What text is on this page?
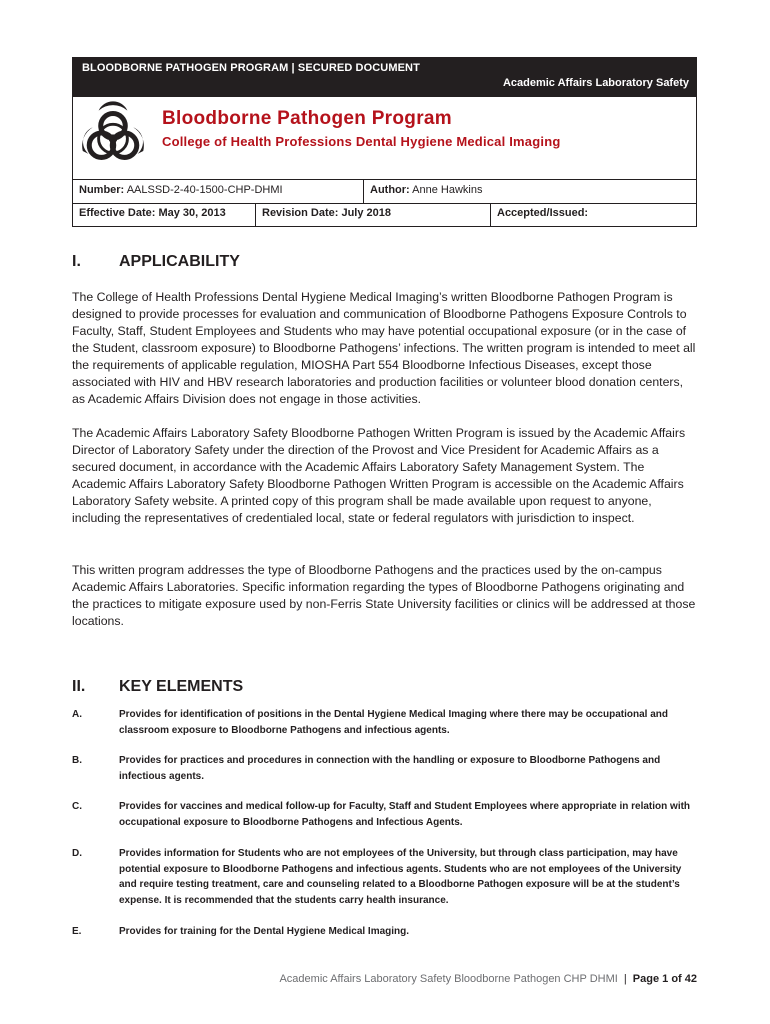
BLOODBORNE PATHOGEN PROGRAM | SECURED DOCUMENT
Academic Affairs Laboratory Safety
Bloodborne Pathogen Program
College of Health Professions Dental Hygiene Medical Imaging
Number: AALSSD-2-40-1500-CHP-DHMI	Author: Anne Hawkins
Effective Date: May 30, 2013	Revision Date: July 2018	Accepted/Issued:
I. APPLICABILITY

The College of Health Professions Dental Hygiene Medical Imaging’s written Bloodborne Pathogen Program is designed to provide processes for evaluation and communication of Bloodborne Pathogens Exposure Controls to Faculty, Staff, Student Employees and Students who may have potential occupational exposure (or in the case of the Student, classroom exposure) to Bloodborne Pathogens’ infections. The written program is intended to meet all the requirements of applicable regulation, MIOSHA Part 554 Bloodborne Infectious Diseases, except those associated with HIV and HBV research laboratories and production facilities or volunteer blood donation centers, as Academic Affairs Division does not engage in those activities.

The Academic Affairs Laboratory Safety Bloodborne Pathogen Written Program is issued by the Academic Affairs Director of Laboratory Safety under the direction of the Provost and Vice President for Academic Affairs as a secured document, in accordance with the Academic Affairs Laboratory Safety Management System. The Academic Affairs Laboratory Safety Bloodborne Pathogen Written Program is accessible on the Academic Affairs Laboratory Safety website. A printed copy of this program shall be made available upon request to anyone, including the representatives of credentialed local, state or federal regulators with jurisdiction to inspect.

This written program addresses the type of Bloodborne Pathogens and the practices used by the on-campus Academic Affairs Laboratories. Specific information regarding the types of Bloodborne Pathogens originating and the practices to mitigate exposure used by non-Ferris State University facilities or clinics will be addressed at those locations.

II. KEY ELEMENTS
A.	Provides for identification of positions in the Dental Hygiene Medical Imaging where there may be occupational and classroom exposure to Bloodborne Pathogens and infectious agents.
B.	Provides for practices and procedures in connection with the handling or exposure to Bloodborne Pathogens and infectious agents.
C.	Provides for vaccines and medical follow-up for Faculty, Staff and Student Employees where appropriate in relation with occupational exposure to Bloodborne Pathogens and Infectious Agents.
D.	Provides information for Students who are not employees of the University, but through class participation, may have potential exposure to Bloodborne Pathogens and infectious agents. Students who are not employees of the University and require testing treatment, care and counseling related to a Bloodborne Pathogen exposure will be at the student’s expense. It is recommended that the students carry health insurance.
E.	Provides for training for the Dental Hygiene Medical Imaging.
Academic Affairs Laboratory Safety Bloodborne Pathogen CHP DHMI | Page 1 of 42
